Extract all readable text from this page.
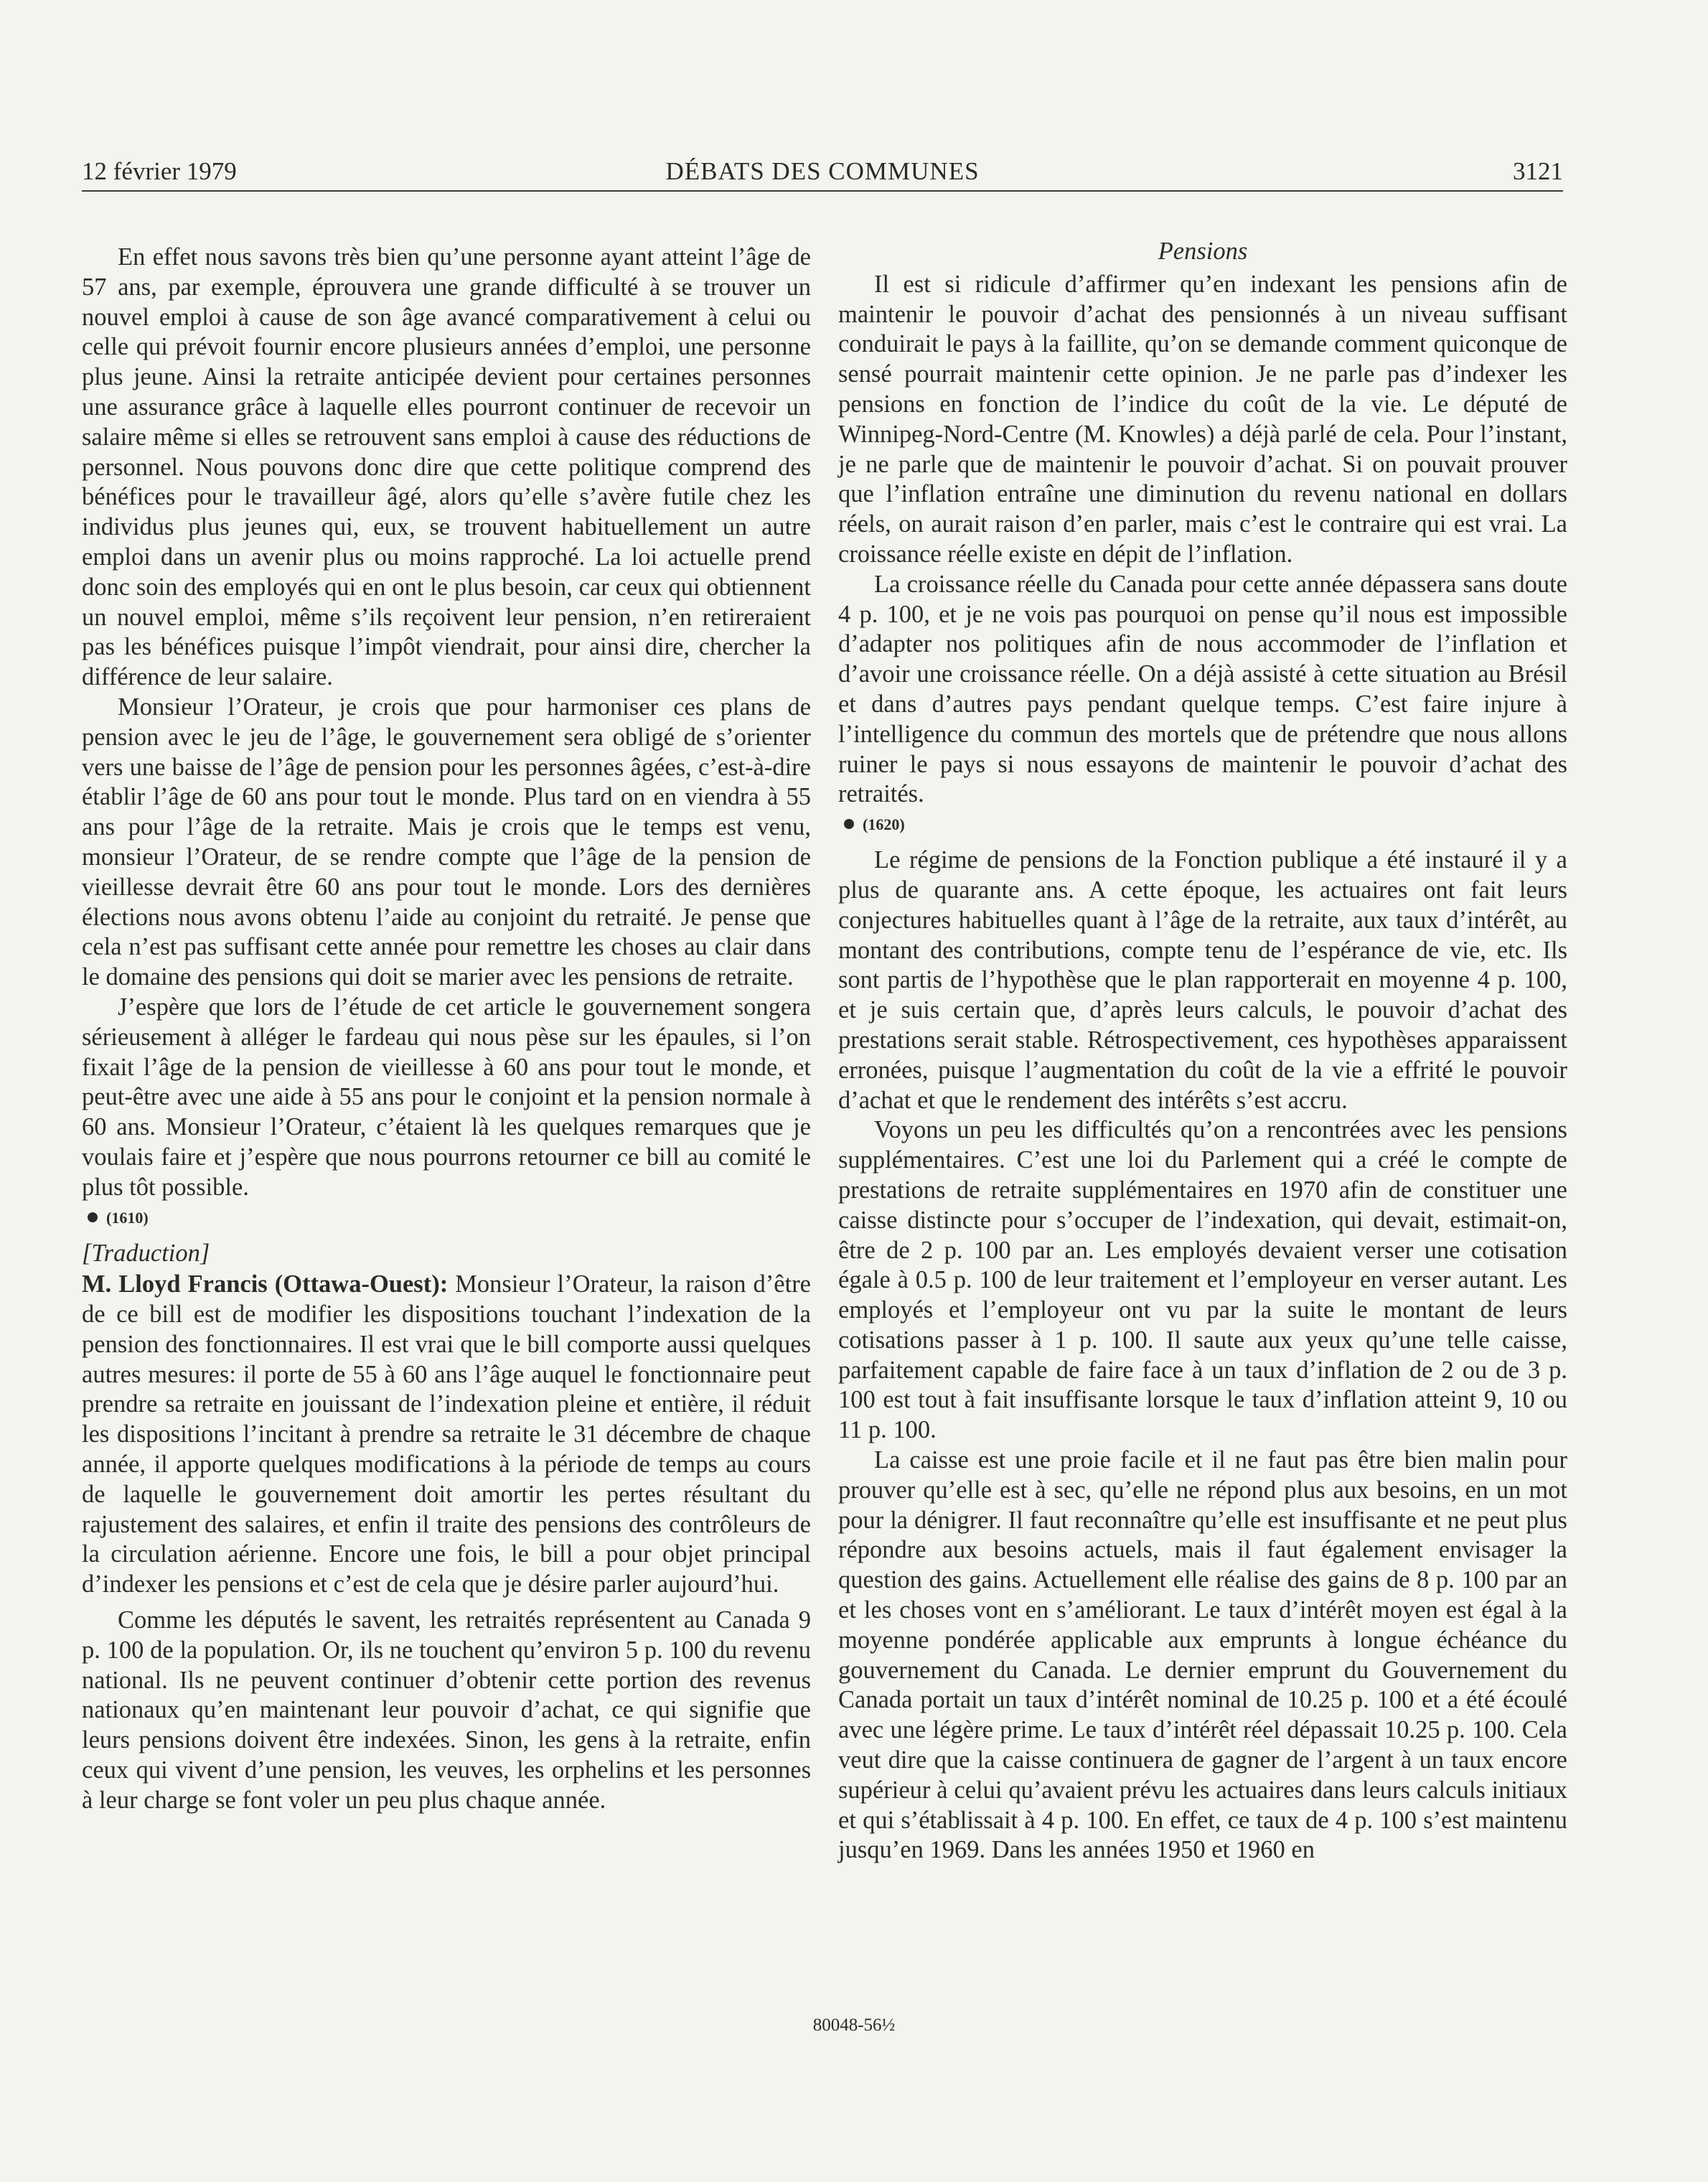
12 février 1979	DÉBATS DES COMMUNES	3121

En effet nous savons très bien qu’une personne ayant atteint l’âge de 57 ans, par exemple, éprouvera une grande difficulté à se trouver un nouvel emploi à cause de son âge avancé comparativement à celui ou celle qui prévoit fournir encore plusieurs années d’emploi, une personne plus jeune. Ainsi la retraite anticipée devient pour certaines personnes une assurance grâce à laquelle elles pourront continuer de recevoir un salaire même si elles se retrouvent sans emploi à cause des réductions de personnel. Nous pouvons donc dire que cette politique comprend des bénéfices pour le travailleur âgé, alors qu’elle s’avère futile chez les individus plus jeunes qui, eux, se trouvent habituellement un autre emploi dans un avenir plus ou moins rapproché. La loi actuelle prend donc soin des employés qui en ont le plus besoin, car ceux qui obtiennent un nouvel emploi, même s’ils reçoivent leur pension, n’en retireraient pas les bénéfices puisque l’impôt viendrait, pour ainsi dire, chercher la différence de leur salaire.

Monsieur l’Orateur, je crois que pour harmoniser ces plans de pension avec le jeu de l’âge, le gouvernement sera obligé de s’orienter vers une baisse de l’âge de pension pour les personnes âgées, c’est-à-dire établir l’âge de 60 ans pour tout le monde. Plus tard on en viendra à 55 ans pour l’âge de la retraite. Mais je crois que le temps est venu, monsieur l’Orateur, de se rendre compte que l’âge de la pension de vieillesse devrait être 60 ans pour tout le monde. Lors des dernières élections nous avons obtenu l’aide au conjoint du retraité. Je pense que cela n’est pas suffisant cette année pour remettre les choses au clair dans le domaine des pensions qui doit se marier avec les pensions de retraite.

J’espère que lors de l’étude de cet article le gouvernement songera sérieusement à alléger le fardeau qui nous pèse sur les épaules, si l’on fixait l’âge de la pension de vieillesse à 60 ans pour tout le monde, et peut-être avec une aide à 55 ans pour le conjoint et la pension normale à 60 ans. Monsieur l’Orateur, c’étaient là les quelques remarques que je voulais faire et j’espère que nous pourrons retourner ce bill au comité le plus tôt possible.

(1610)
[Traduction]

M. Lloyd Francis (Ottawa-Ouest): Monsieur l’Orateur, la raison d’être de ce bill est de modifier les dispositions touchant l’indexation de la pension des fonctionnaires. Il est vrai que le bill comporte aussi quelques autres mesures: il porte de 55 à 60 ans l’âge auquel le fonctionnaire peut prendre sa retraite en jouissant de l’indexation pleine et entière, il réduit les dispositions l’incitant à prendre sa retraite le 31 décembre de chaque année, il apporte quelques modifications à la période de temps au cours de laquelle le gouvernement doit amortir les pertes résultant du rajustement des salaires, et enfin il traite des pensions des contrôleurs de la circulation aérienne. Encore une fois, le bill a pour objet principal d’indexer les pensions et c’est de cela que je désire parler aujourd’hui.

Comme les députés le savent, les retraités représentent au Canada 9 p. 100 de la population. Or, ils ne touchent qu’environ 5 p. 100 du revenu national. Ils ne peuvent continuer d’obtenir cette portion des revenus nationaux qu’en maintenant leur pouvoir d’achat, ce qui signifie que leurs pensions doivent être indexées. Sinon, les gens à la retraite, enfin ceux qui vivent d’une pension, les veuves, les orphelins et les personnes à leur charge se font voler un peu plus chaque année.

Pensions

Il est si ridicule d’affirmer qu’en indexant les pensions afin de maintenir le pouvoir d’achat des pensionnés à un niveau suffisant conduirait le pays à la faillite, qu’on se demande comment quiconque de sensé pourrait maintenir cette opinion. Je ne parle pas d’indexer les pensions en fonction de l’indice du coût de la vie. Le député de Winnipeg-Nord-Centre (M. Knowles) a déjà parlé de cela. Pour l’instant, je ne parle que de maintenir le pouvoir d’achat. Si on pouvait prouver que l’inflation entraîne une diminution du revenu national en dollars réels, on aurait raison d’en parler, mais c’est le contraire qui est vrai. La croissance réelle existe en dépit de l’inflation.

La croissance réelle du Canada pour cette année dépassera sans doute 4 p. 100, et je ne vois pas pourquoi on pense qu’il nous est impossible d’adapter nos politiques afin de nous accommoder de l’inflation et d’avoir une croissance réelle. On a déjà assisté à cette situation au Brésil et dans d’autres pays pendant quelque temps. C’est faire injure à l’intelligence du commun des mortels que de prétendre que nous allons ruiner le pays si nous essayons de maintenir le pouvoir d’achat des retraités.

(1620)

Le régime de pensions de la Fonction publique a été instauré il y a plus de quarante ans. A cette époque, les actuaires ont fait leurs conjectures habituelles quant à l’âge de la retraite, aux taux d’intérêt, au montant des contributions, compte tenu de l’espérance de vie, etc. Ils sont partis de l’hypothèse que le plan rapporterait en moyenne 4 p. 100, et je suis certain que, d’après leurs calculs, le pouvoir d’achat des prestations serait stable. Rétrospectivement, ces hypothèses apparaissent erronées, puisque l’augmentation du coût de la vie a effrité le pouvoir d’achat et que le rendement des intérêts s’est accru.

Voyons un peu les difficultés qu’on a rencontrées avec les pensions supplémentaires. C’est une loi du Parlement qui a créé le compte de prestations de retraite supplémentaires en 1970 afin de constituer une caisse distincte pour s’occuper de l’indexation, qui devait, estimait-on, être de 2 p. 100 par an. Les employés devaient verser une cotisation égale à 0.5 p. 100 de leur traitement et l’employeur en verser autant. Les employés et l’employeur ont vu par la suite le montant de leurs cotisations passer à 1 p. 100. Il saute aux yeux qu’une telle caisse, parfaitement capable de faire face à un taux d’inflation de 2 ou de 3 p. 100 est tout à fait insuffisante lorsque le taux d’inflation atteint 9, 10 ou 11 p. 100.

La caisse est une proie facile et il ne faut pas être bien malin pour prouver qu’elle est à sec, qu’elle ne répond plus aux besoins, en un mot pour la dénigrer. Il faut reconnaître qu’elle est insuffisante et ne peut plus répondre aux besoins actuels, mais il faut également envisager la question des gains. Actuellement elle réalise des gains de 8 p. 100 par an et les choses vont en s’améliorant. Le taux d’intérêt moyen est égal à la moyenne pondérée applicable aux emprunts à longue échéance du gouvernement du Canada. Le dernier emprunt du Gouvernement du Canada portait un taux d’intérêt nominal de 10.25 p. 100 et a été écoulé avec une légère prime. Le taux d’intérêt réel dépassait 10.25 p. 100. Cela veut dire que la caisse continuera de gagner de l’argent à un taux encore supérieur à celui qu’avaient prévu les actuaires dans leurs calculs initiaux et qui s’établissait à 4 p. 100. En effet, ce taux de 4 p. 100 s’est maintenu jusqu’en 1969. Dans les années 1950 et 1960 en

80048-56½
